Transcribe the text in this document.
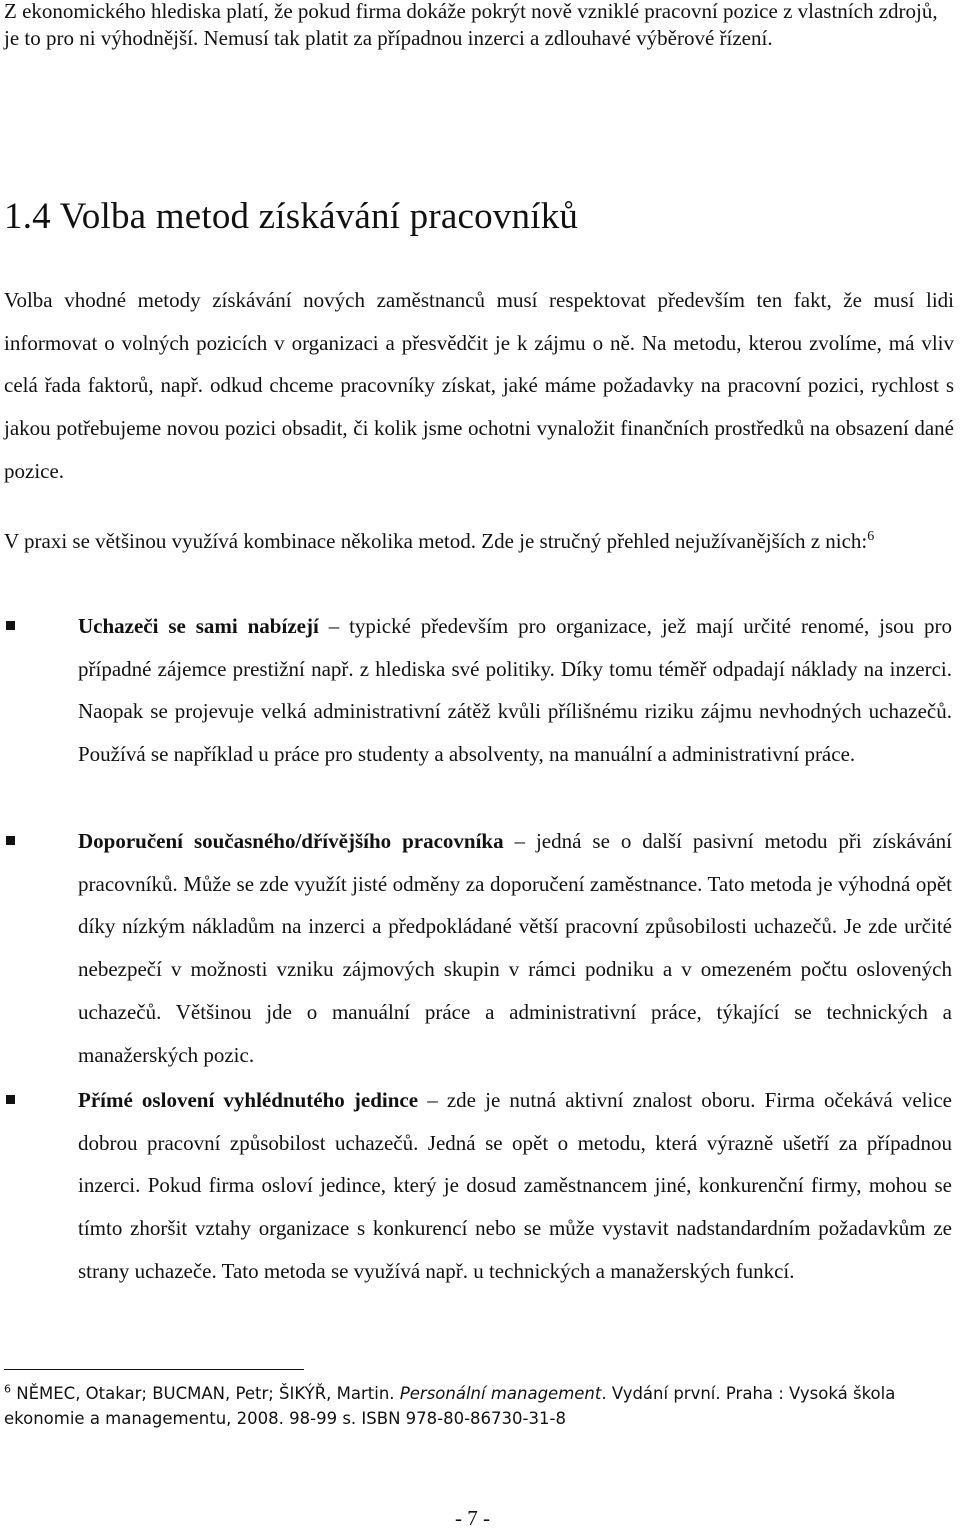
Z ekonomického hlediska platí, že pokud firma dokáže pokrýt nově vzniklé pracovní pozice z vlastních zdrojů, je to pro ni výhodnější. Nemusí tak platit za případnou inzerci a zdlouhavé výběrové řízení.

1.4 Volba metod získávání pracovníků

Volba vhodné metody získávání nových zaměstnanců musí respektovat především ten fakt, že musí lidi informovat o volných pozicích v organizaci a přesvědčit je k zájmu o ně. Na metodu, kterou zvolíme, má vliv celá řada faktorů, např. odkud chceme pracovníky získat, jaké máme požadavky na pracovní pozici, rychlost s jakou potřebujeme novou pozici obsadit, či kolik jsme ochotni vynaložit finančních prostředků na obsazení dané pozice.

V praxi se většinou využívá kombinace několika metod. Zde je stručný přehled nejužívanějších z nich:$^6$

Uchazeči se sami nabízejí – typické především pro organizace, jež mají určité renomé, jsou pro případné zájemce prestižní např. z hlediska své politiky. Díky tomu téměř odpadají náklady na inzerci. Naopak se projevuje velká administrativní zátěž kvůli přílišnému riziku zájmu nevhodných uchazečů. Používá se například u práce pro studenty a absolventy, na manuální a administrativní práce.

Doporučení současného/dřívějšího pracovníka – jedná se o další pasivní metodu při získávání pracovníků. Může se zde využít jisté odměny za doporučení zaměstnance. Tato metoda je výhodná opět díky nízkým nákladům na inzerci a předpokládané větší pracovní způsobilosti uchazečů. Je zde určité nebezpečí v možnosti vzniku zájmových skupin v rámci podniku a v omezeném počtu oslovených uchazečů. Většinou jde o manuální práce a administrativní práce, týkající se technických a manažerských pozic.

Přímé oslovení vyhlédnutého jedince – zde je nutná aktivní znalost oboru. Firma očekává velice dobrou pracovní způsobilost uchazečů. Jedná se opět o metodu, která výrazně ušetří za případnou inzerci. Pokud firma osloví jedince, který je dosud zaměstnancem jiné, konkurenční firmy, mohou se tímto zhoršit vztahy organizace s konkurencí nebo se může vystavit nadstandardním požadavkům ze strany uchazeče. Tato metoda se využívá např. u technických a manažerských funkcí.

$^6$ NĚMEC, Otakar; BUCMAN, Petr; ŠIKÝŘ, Martin. Personální management. Vydání první. Praha : Vysoká škola ekonomie a managementu, 2008. 98-99 s. ISBN 978-80-86730-31-8

- 7 -
